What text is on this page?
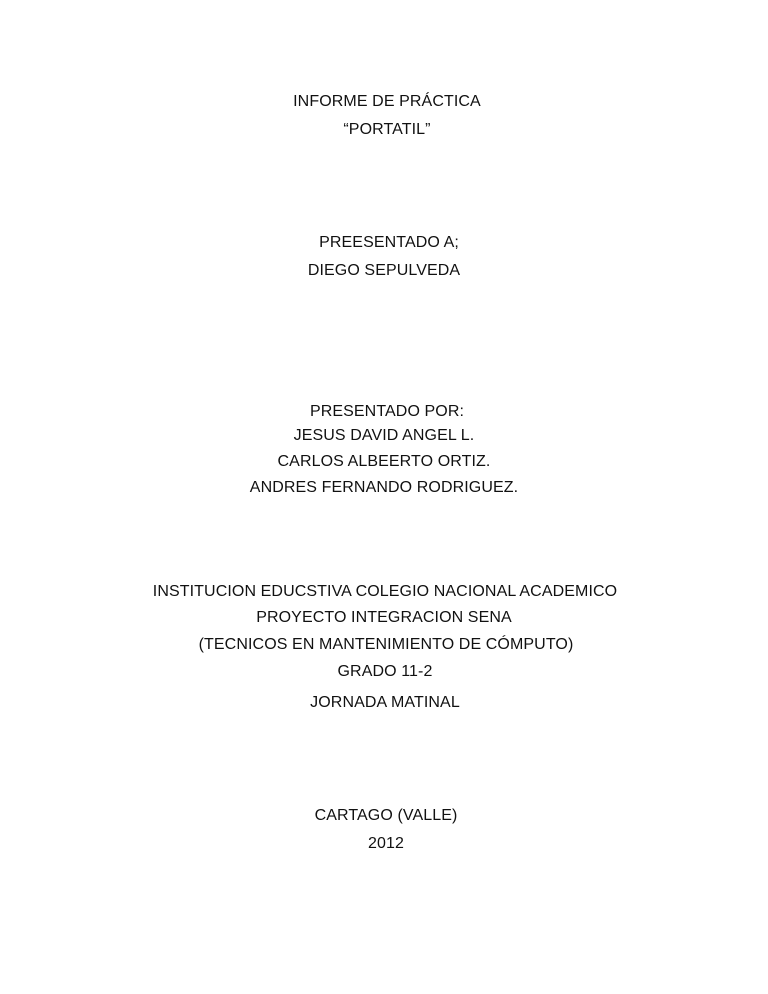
INFORME DE PRÁCTICA
“PORTATIL”
PREESENTADO A;
DIEGO SEPULVEDA
PRESENTADO POR:
JESUS DAVID ANGEL L.
CARLOS ALBEERTO ORTIZ.
ANDRES FERNANDO RODRIGUEZ.
INSTITUCION EDUCSTIVA COLEGIO NACIONAL ACADEMICO
PROYECTO INTEGRACION SENA
(TECNICOS EN MANTENIMIENTO DE CÓMPUTO)
GRADO 11-2
JORNADA MATINAL
CARTAGO (VALLE)
2012
